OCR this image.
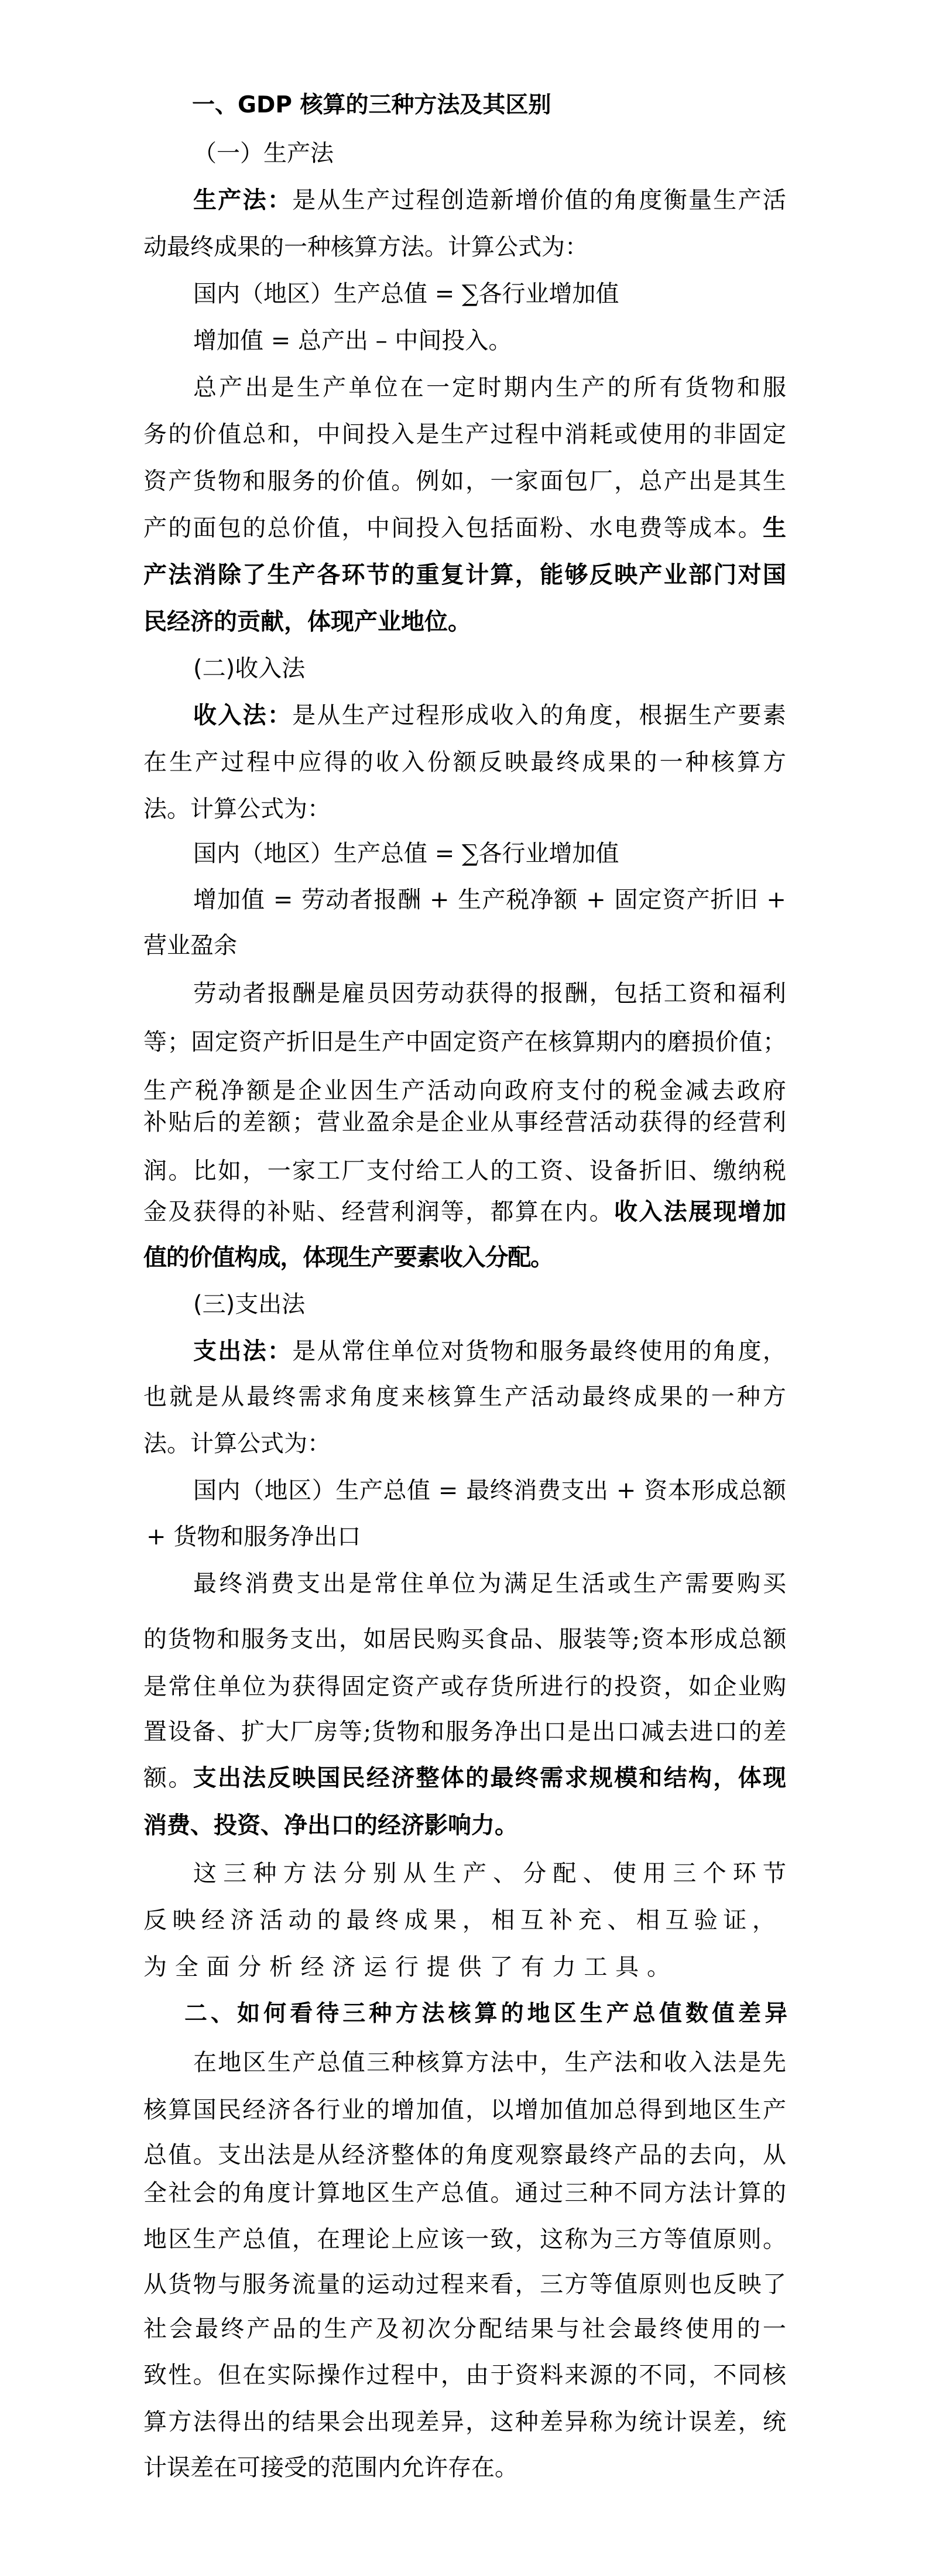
一、GDP 核算的三种方法及其区别
（一）生产法
生产法：是从生产过程创造新增价值的角度衡量生产活
动最终成果的一种核算方法。计算公式为：
国内（地区）生产总值 = ∑各行业增加值
增加值 = 总产出 – 中间投入。
总产出是生产单位在一定时期内生产的所有货物和服
务的价值总和，中间投入是生产过程中消耗或使用的非固定
资产货物和服务的价值。例如，一家面包厂，总产出是其生
产的面包的总价值，中间投入包括面粉、水电费等成本。生
产法消除了生产各环节的重复计算，能够反映产业部门对国
民经济的贡献，体现产业地位。
(二)收入法
收入法：是从生产过程形成收入的角度，根据生产要素
在生产过程中应得的收入份额反映最终成果的一种核算方
法。计算公式为：
国内（地区）生产总值 = ∑各行业增加值
增加值 = 劳动者报酬 + 生产税净额 + 固定资产折旧 +
营业盈余
劳动者报酬是雇员因劳动获得的报酬，包括工资和福利
等；固定资产折旧是生产中固定资产在核算期内的磨损价值；
生产税净额是企业因生产活动向政府支付的税金减去政府
补贴后的差额；营业盈余是企业从事经营活动获得的经营利
润。比如，一家工厂支付给工人的工资、设备折旧、缴纳税
金及获得的补贴、经营利润等，都算在内。收入法展现增加
值的价值构成，体现生产要素收入分配。
(三)支出法
支出法：是从常住单位对货物和服务最终使用的角度，
也就是从最终需求角度来核算生产活动最终成果的一种方
法。计算公式为：
国内（地区）生产总值 = 最终消费支出 + 资本形成总额
+ 货物和服务净出口
最终消费支出是常住单位为满足生活或生产需要购买
的货物和服务支出，如居民购买食品、服装等;资本形成总额
是常住单位为获得固定资产或存货所进行的投资，如企业购
置设备、扩大厂房等;货物和服务净出口是出口减去进口的差
额。支出法反映国民经济整体的最终需求规模和结构，体现
消费、投资、净出口的经济影响力。
这三种方法分别从生产、分配、使用三个环节
反映经济活动的最终成果，相互补充、相互验证，
为全面分析经济运行提供了有力工具。
二、如何看待三种方法核算的地区生产总值数值差异
在地区生产总值三种核算方法中，生产法和收入法是先
核算国民经济各行业的增加值，以增加值加总得到地区生产
总值。支出法是从经济整体的角度观察最终产品的去向，从
全社会的角度计算地区生产总值。通过三种不同方法计算的
地区生产总值，在理论上应该一致，这称为三方等值原则。
从货物与服务流量的运动过程来看，三方等值原则也反映了
社会最终产品的生产及初次分配结果与社会最终使用的一
致性。但在实际操作过程中，由于资料来源的不同，不同核
算方法得出的结果会出现差异，这种差异称为统计误差，统
计误差在可接受的范围内允许存在。
